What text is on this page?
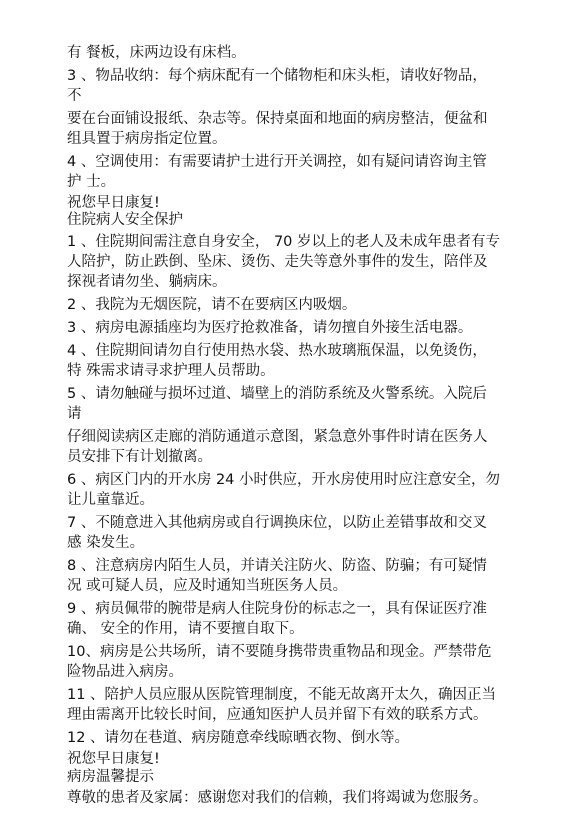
有 餐板，床两边设有床档。

3 、物品收纳：每个病床配有一个储物柜和床头柜，请收好物品，

不

要在台面铺设报纸、杂志等。保持桌面和地面的病房整洁，便盆和

组具置于病房指定位置。

4 、空调使用：有需要请护士进行开关调控，如有疑问请咨询主管

护 士。

祝您早日康复!

住院病人安全保护

1 、住院期间需注意自身安全， 70 岁以上的老人及未成年患者有专

人陪护，防止跌倒、坠床、烫伤、走失等意外事件的发生，陪伴及

探视者请勿坐、躺病床。

2 、我院为无烟医院，请不在要病区内吸烟。

3 、病房电源插座均为医疗抢救准备，请勿擅自外接生活电器。

4 、住院期间请勿自行使用热水袋、热水玻璃瓶保温，以免烫伤，

特 殊需求请寻求护理人员帮助。

5 、请勿触碰与损坏过道、墙壁上的消防系统及火警系统。入院后

请

仔细阅读病区走廊的消防通道示意图，紧急意外事件时请在医务人

员安排下有计划撤离。

6 、病区门内的开水房 24 小时供应，开水房使用时应注意安全，勿

让儿童靠近。

7 、不随意进入其他病房或自行调换床位，以防止差错事故和交叉

感 染发生。

8 、注意病房内陌生人员，并请关注防火、防盗、防骗；有可疑情

况 或可疑人员，应及时通知当班医务人员。

9 、病员佩带的腕带是病人住院身份的标志之一，具有保证医疗准

确、 安全的作用，请不要擅自取下。

10、病房是公共场所，请不要随身携带贵重物品和现金。严禁带危

险物品进入病房。

11 、陪护人员应服从医院管理制度，不能无故离开太久，确因正当

理由需离开比较长时间，应通知医护人员并留下有效的联系方式。

12 、请勿在巷道、病房随意牵线晾晒衣物、倒水等。

祝您早日康复!

病房温馨提示

尊敬的患者及家属：感谢您对我们的信赖，我们将竭诚为您服务。
